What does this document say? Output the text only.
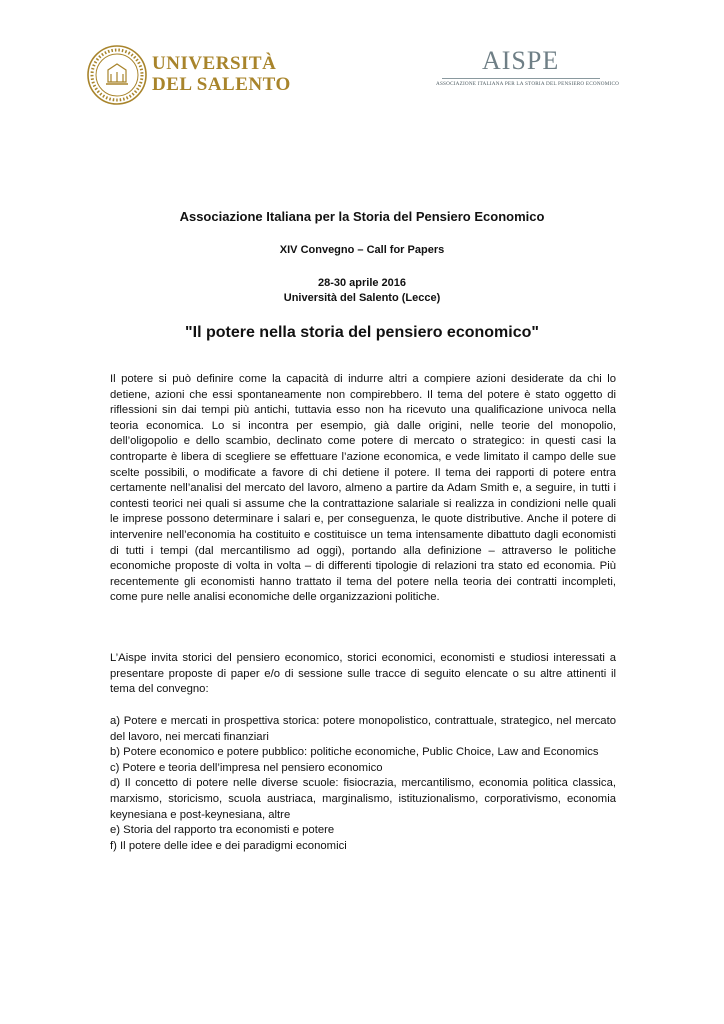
UNIVERSITÀ
DEL SALENTO
AISPE
ASSOCIAZIONE ITALIANA PER LA STORIA DEL PENSIERO ECONOMICO
Associazione Italiana per la Storia del Pensiero Economico
XIV Convegno – Call for Papers
28-30 aprile 2016
Università del Salento (Lecce)
"Il potere nella storia del pensiero economico"
Il potere si può definire come la capacità di indurre altri a compiere azioni desiderate da chi lo detiene, azioni che essi spontaneamente non compirebbero. Il tema del potere è stato oggetto di riflessioni sin dai tempi più antichi, tuttavia esso non ha ricevuto una qualificazione univoca nella teoria economica. Lo si incontra per esempio, già dalle origini, nelle teorie del monopolio, dell’oligopolio e dello scambio, declinato come potere di mercato o strategico: in questi casi la controparte è libera di scegliere se effettuare l’azione economica, e vede limitato il campo delle sue scelte possibili, o modificate a favore di chi detiene il potere. Il tema dei rapporti di potere entra certamente nell’analisi del mercato del lavoro, almeno a partire da Adam Smith e, a seguire, in tutti i contesti teorici nei quali si assume che la contrattazione salariale si realizza in condizioni nelle quali le imprese possono determinare i salari e, per conseguenza, le quote distributive. Anche il potere di intervenire nell’economia ha costituito e costituisce un tema intensamente dibattuto dagli economisti di tutti i tempi (dal mercantilismo ad oggi), portando alla definizione – attraverso le politiche economiche proposte di volta in volta – di differenti tipologie di relazioni tra stato ed economia. Più recentemente gli economisti hanno trattato il tema del potere nella teoria dei contratti incompleti, come pure nelle analisi economiche delle organizzazioni politiche.
L’Aispe invita storici del pensiero economico, storici economici, economisti e studiosi interessati a presentare proposte di paper e/o di sessione sulle tracce di seguito elencate o su altre attinenti il tema del convegno:

a) Potere e mercati in prospettiva storica: potere monopolistico, contrattuale, strategico, nel mercato del lavoro, nei mercati finanziari

b) Potere economico e potere pubblico: politiche economiche, Public Choice, Law and Economics

c) Potere e teoria dell’impresa nel pensiero economico

d) Il concetto di potere nelle diverse scuole: fisiocrazia, mercantilismo, economia politica classica, marxismo, storicismo, scuola austriaca, marginalismo, istituzionalismo, corporativismo, economia keynesiana e post-keynesiana, altre

e) Storia del rapporto tra economisti e potere

f) Il potere delle idee e dei paradigmi economici
